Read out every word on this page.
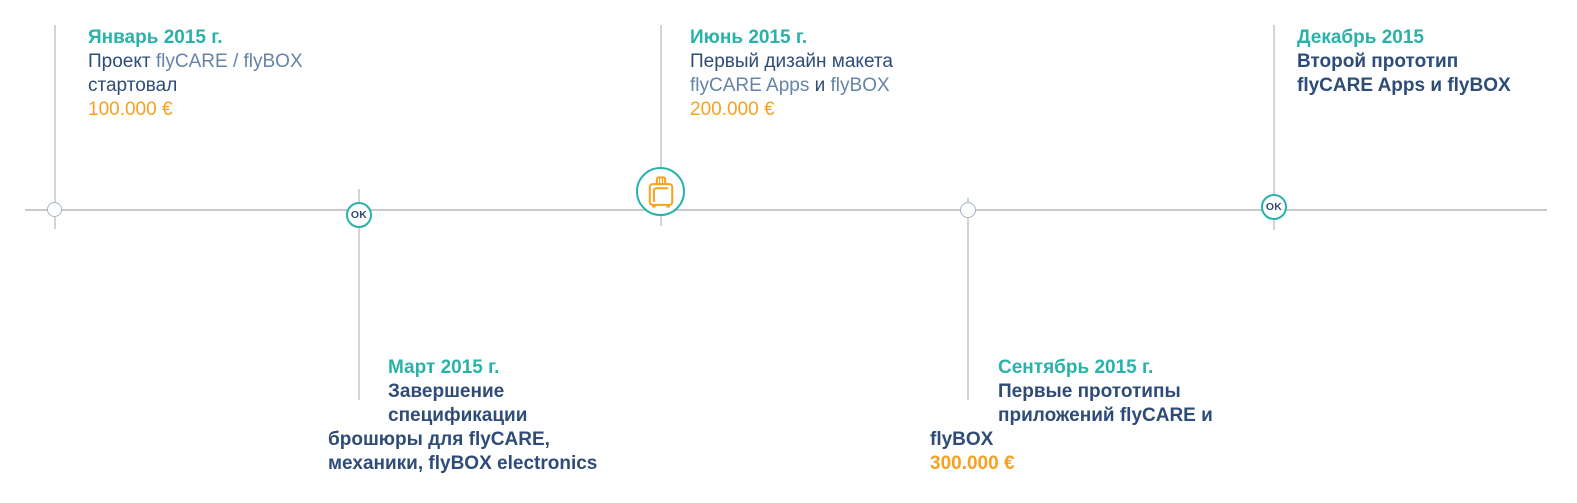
OK
OK
Январь 2015 г.
Проект flyCARE / flyBOX
стартовал
100.000 €
Март 2015 г.
Завершение
спецификации
брошюры для flyCARE,
механики, flyBOX electronics
Июнь 2015 г.
Первый дизайн макета
flyCARE Apps и flyBOX
200.000 €
Сентябрь 2015 г.
Первые прототипы
приложений flyCARE и
flyBOX
300.000 €
Декабрь 2015
Второй прототип
flyCARE Apps и flyBOX
